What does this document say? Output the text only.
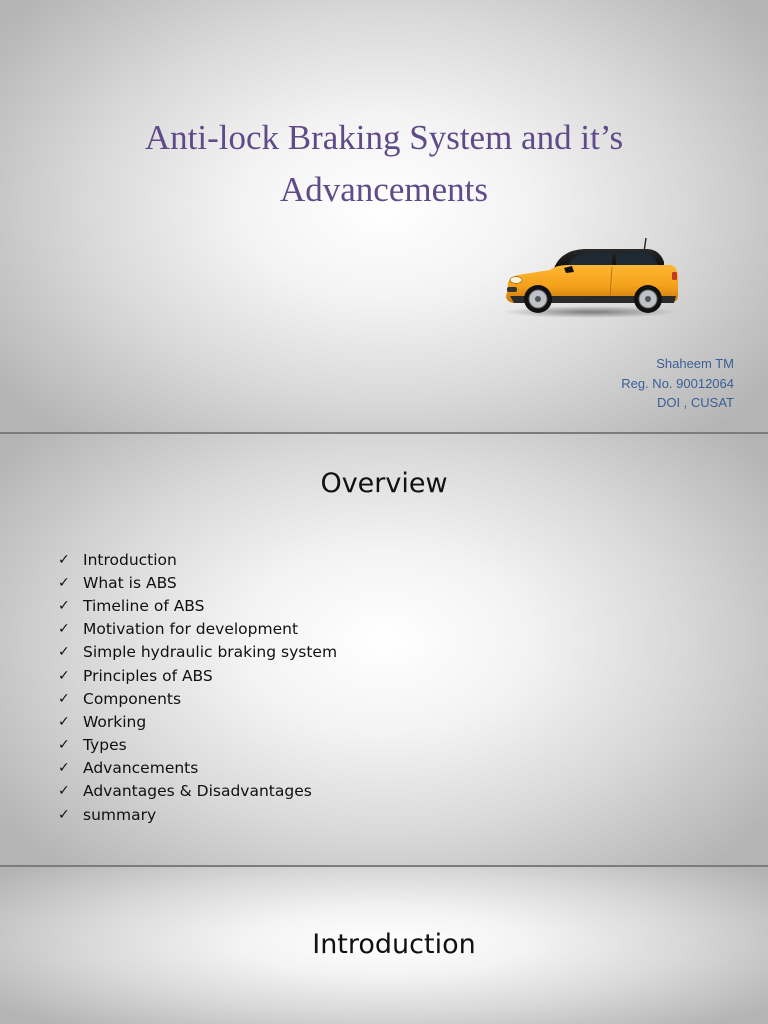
Anti-lock Braking System and it’s
Advancements
Shaheem TM
Reg. No. 90012064
DOI , CUSAT
Overview
✓ Introduction
✓ What is ABS
✓ Timeline of ABS
✓ Motivation for development
✓ Simple hydraulic braking system
✓ Principles of ABS
✓ Components
✓ Working
✓ Types
✓ Advancements
✓ Advantages & Disadvantages
✓ summary
Introduction
